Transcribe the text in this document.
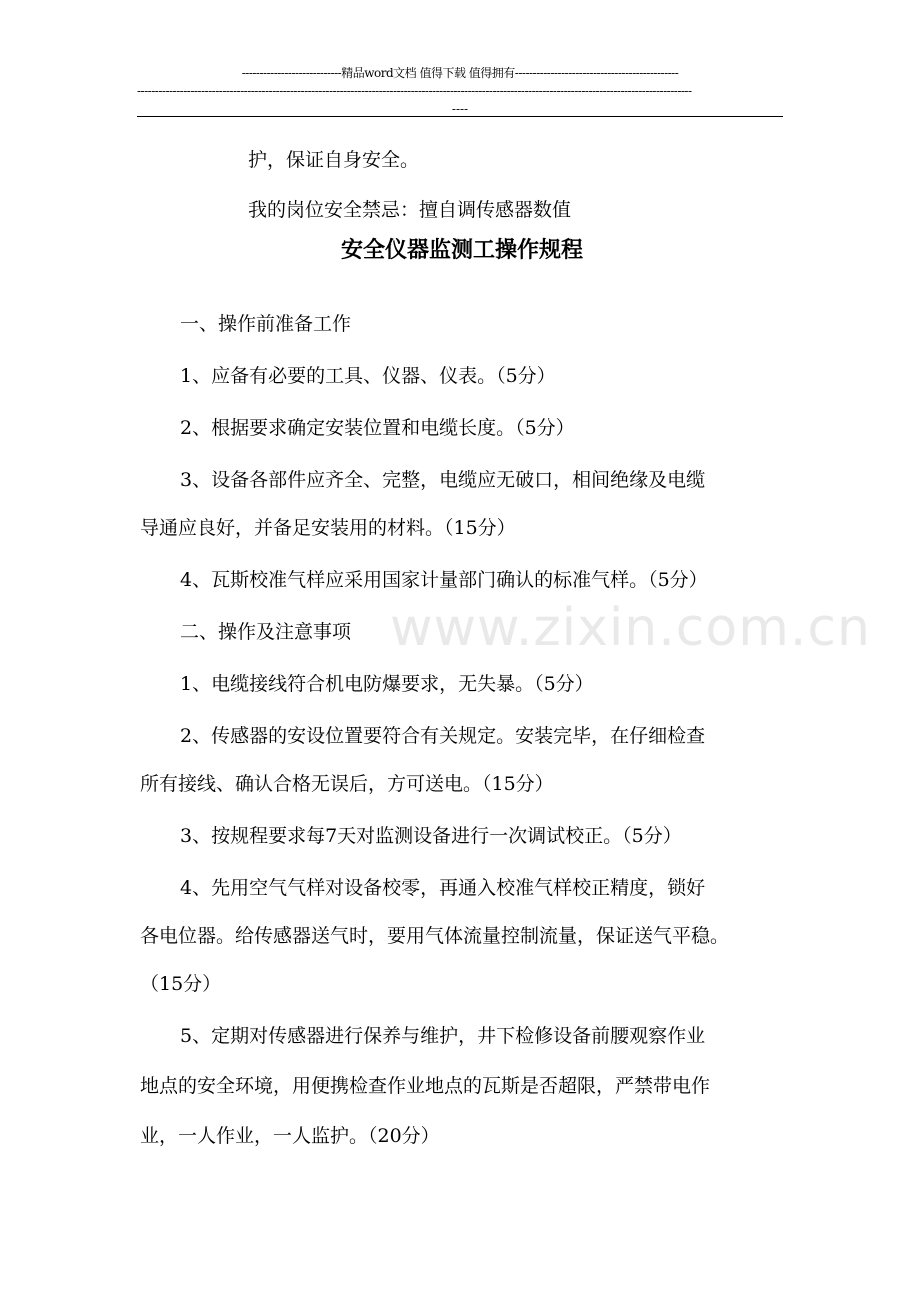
----------------------------精品word文档 值得下载 值得拥有----------------------------------------------
------------------------------------------------------------------------------------------------------------------------------------------------------------
----
www.zixin.com.cn
护，保证自身安全。
我的岗位安全禁忌：擅自调传感器数值
安全仪器监测工操作规程
一、操作前准备工作
1、应备有必要的工具、仪器、仪表。（5分）
2、根据要求确定安装位置和电缆长度。（5分）
3、设备各部件应齐全、完整，电缆应无破口，相间绝缘及电缆
导通应良好，并备足安装用的材料。（15分）
4、瓦斯校准气样应采用国家计量部门确认的标准气样。（5分）
二、操作及注意事项
1、电缆接线符合机电防爆要求，无失暴。（5分）
2、传感器的安设位置要符合有关规定。安装完毕，在仔细检查
所有接线、确认合格无误后，方可送电。（15分）
3、按规程要求每7天对监测设备进行一次调试校正。（5分）
4、先用空气气样对设备校零，再通入校准气样校正精度，锁好
各电位器。给传感器送气时，要用气体流量控制流量，保证送气平稳。
（15分）
5、定期对传感器进行保养与维护，井下检修设备前腰观察作业
地点的安全环境，用便携检查作业地点的瓦斯是否超限，严禁带电作
业，一人作业，一人监护。（20分）
